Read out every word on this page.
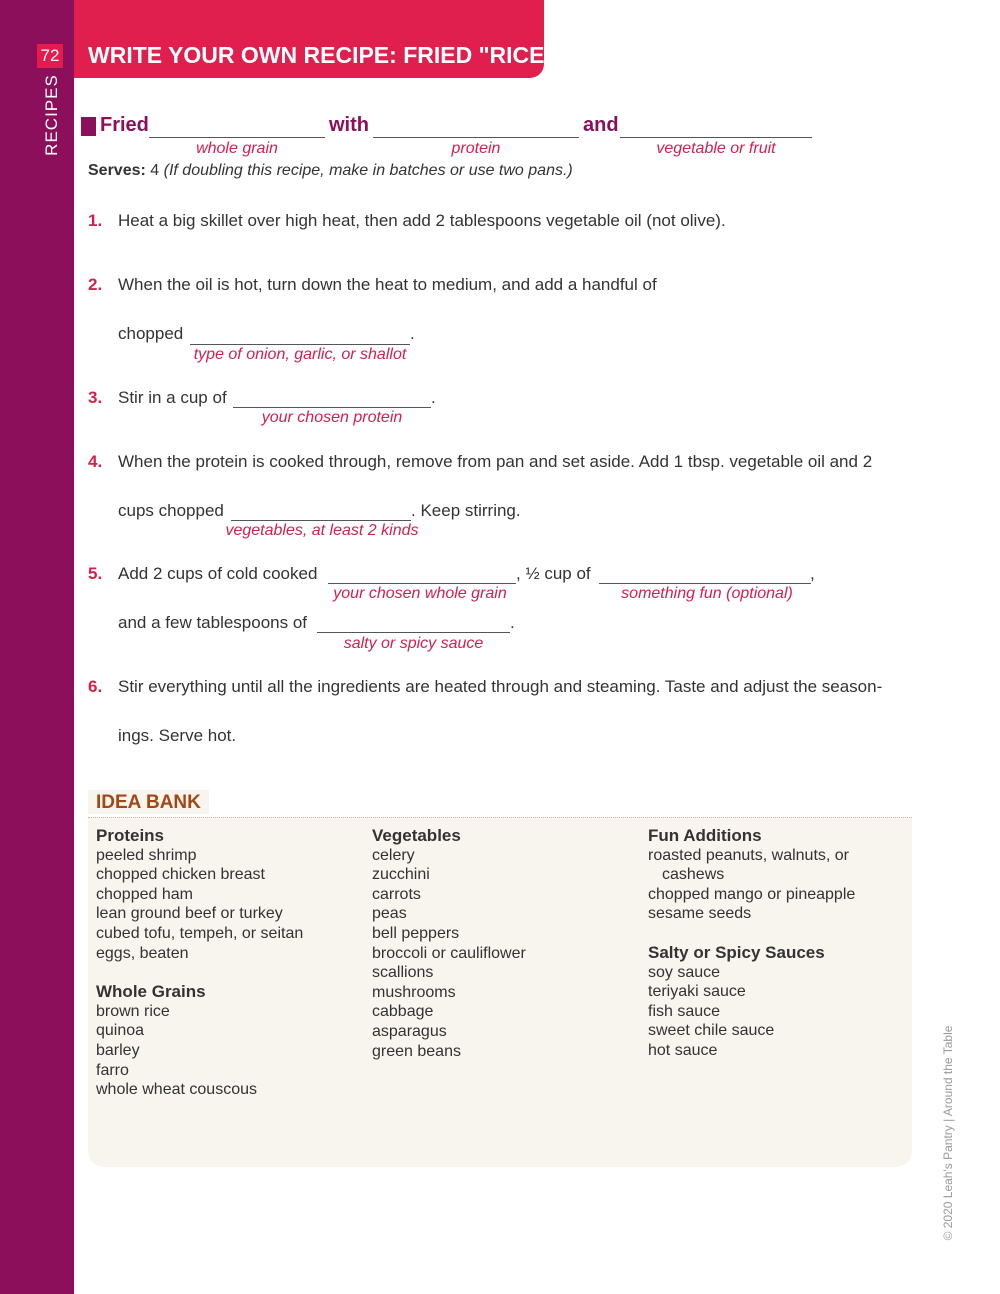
72
RECIPES
WRITE YOUR OWN RECIPE: FRIED "RICE"
Fried	with	and
whole grain	protein	vegetable or fruit
Serves: 4 (If doubling this recipe, make in batches or use two pans.)
1. Heat a big skillet over high heat, then add 2 tablespoons vegetable oil (not olive).
2. When the oil is hot, turn down the heat to medium, and add a handful of
chopped	.
type of onion, garlic, or shallot
3. Stir in a cup of	.
your chosen protein
4. When the protein is cooked through, remove from pan and set aside. Add 1 tbsp. vegetable oil and 2
cups chopped	. Keep stirring.
vegetables, at least 2 kinds
5. Add 2 cups of cold cooked	, ½ cup of	,
your chosen whole grain	something fun (optional)
and a few tablespoons of	.
salty or spicy sauce
6. Stir everything until all the ingredients are heated through and steaming. Taste and adjust the season-
ings. Serve hot.
IDEA BANK
Proteins
peeled shrimp
chopped chicken breast
chopped ham
lean ground beef or turkey
cubed tofu, tempeh, or seitan
eggs, beaten
Whole Grains
brown rice
quinoa
barley
farro
whole wheat couscous
Vegetables
celery
zucchini
carrots
peas
bell peppers
broccoli or cauliflower
scallions
mushrooms
cabbage
asparagus
green beans
Fun Additions
roasted peanuts, walnuts, or
cashews
chopped mango or pineapple
sesame seeds
Salty or Spicy Sauces
soy sauce
teriyaki sauce
fish sauce
sweet chile sauce
hot sauce	© 2020 Leah's Pantry | Around the Table
